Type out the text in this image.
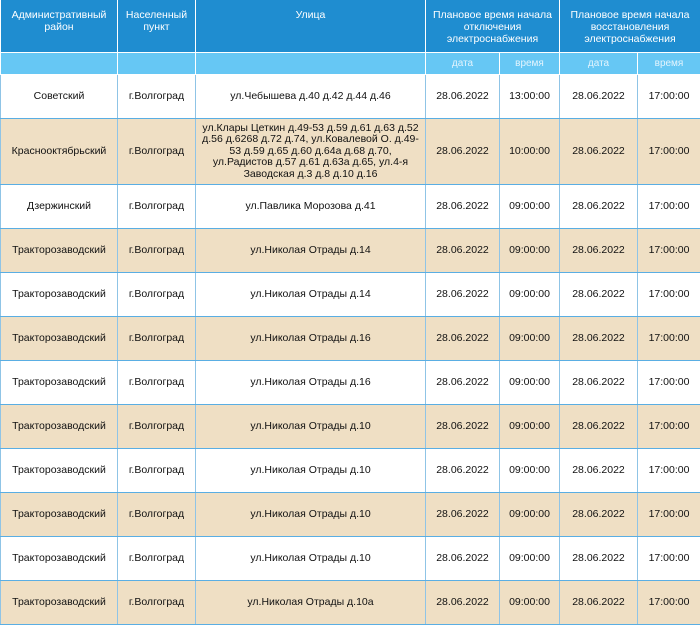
Административный район	Населенный пункт	Улица	Плановое время начала отключения электроснабжения		Плановое время начала восстановления электроснабжения	
			дата	время	дата	время
Советский	г.Волгоград	ул.Чебышева д.40 д.42 д.44 д.46	28.06.2022	13:00:00	28.06.2022	17:00:00
Краснооктябрьский	г.Волгоград	ул.Клары Цеткин д.49-53 д.59 д.61 д.63 д.52 д.56 д.6268 д.72 д.74, ул.Ковалевой О. д.49-53 д.59 д.65 д.60 д.64а д.68 д.70, ул.Радистов д.57 д.61 д.63а д.65, ул.4-я Заводская д.3 д.8 д.10 д.16	28.06.2022	10:00:00	28.06.2022	17:00:00
Дзержинский	г.Волгоград	ул.Павлика Морозова д.41	28.06.2022	09:00:00	28.06.2022	17:00:00
Тракторозаводский	г.Волгоград	ул.Николая Отрады д.14	28.06.2022	09:00:00	28.06.2022	17:00:00
Тракторозаводский	г.Волгоград	ул.Николая Отрады д.14	28.06.2022	09:00:00	28.06.2022	17:00:00
Тракторозаводский	г.Волгоград	ул.Николая Отрады д.16	28.06.2022	09:00:00	28.06.2022	17:00:00
Тракторозаводский	г.Волгоград	ул.Николая Отрады д.16	28.06.2022	09:00:00	28.06.2022	17:00:00
Тракторозаводский	г.Волгоград	ул.Николая Отрады д.10	28.06.2022	09:00:00	28.06.2022	17:00:00
Тракторозаводский	г.Волгоград	ул.Николая Отрады д.10	28.06.2022	09:00:00	28.06.2022	17:00:00
Тракторозаводский	г.Волгоград	ул.Николая Отрады д.10	28.06.2022	09:00:00	28.06.2022	17:00:00
Тракторозаводский	г.Волгоград	ул.Николая Отрады д.10	28.06.2022	09:00:00	28.06.2022	17:00:00
Тракторозаводский	г.Волгоград	ул.Николая Отрады д.10а	28.06.2022	09:00:00	28.06.2022	17:00:00
